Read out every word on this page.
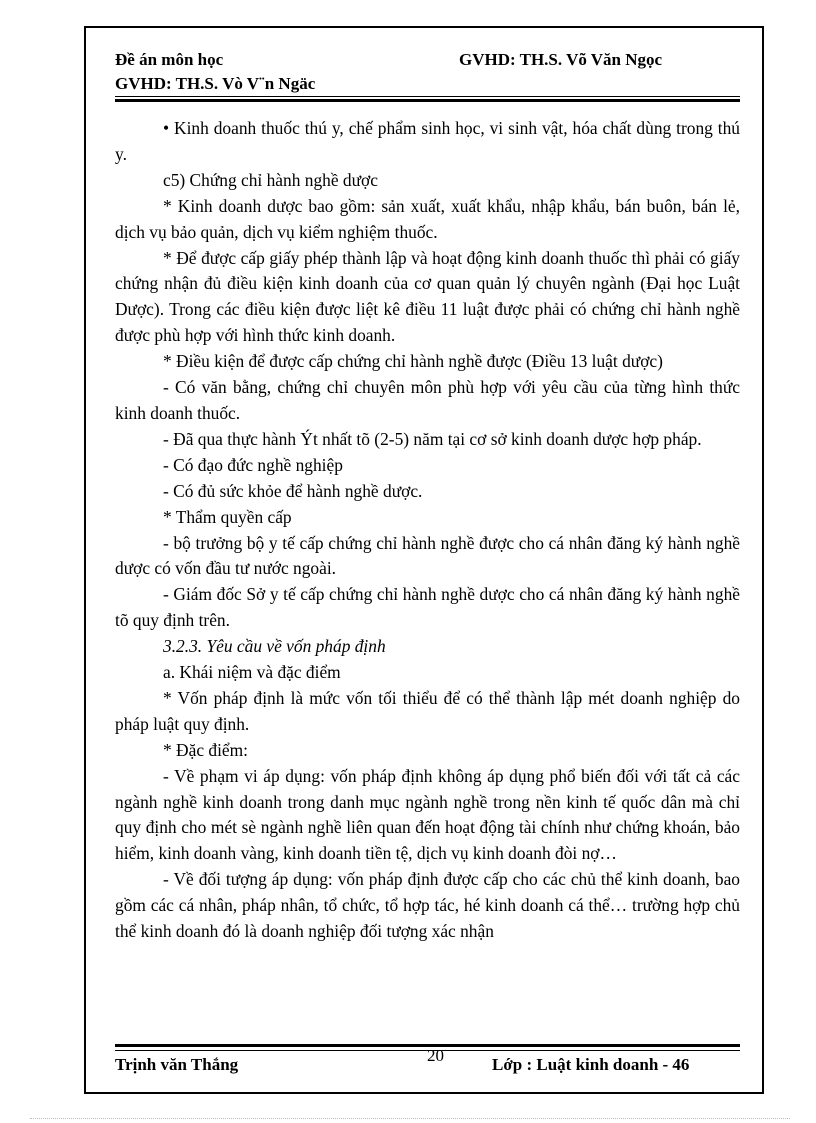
Đề án môn học	GVHD: TH.S. Võ Văn Ngọc
GVHD: TH.S. Vò V¨n Ngäc

• Kinh doanh thuốc thú y, chế phẩm sinh học, vi sinh vật, hóa chất dùng trong thú y.

c5) Chứng chỉ hành nghề dược

* Kinh doanh dược bao gồm: sản xuất, xuất khẩu, nhập khẩu, bán buôn, bán lẻ, dịch vụ bảo quản, dịch vụ kiểm nghiệm thuốc.

* Để được cấp giấy phép thành lập và hoạt động kinh doanh thuốc thì phải có giấy chứng nhận đủ điều kiện kinh doanh của cơ quan quản lý chuyên ngành (Đại học Luật Dược). Trong các điều kiện được liệt kê điều 11 luật được phải có chứng chỉ hành nghề được phù hợp với hình thức kinh doanh.

* Điều kiện để được cấp chứng chỉ hành nghề được (Điều 13 luật dược)

- Có văn bằng, chứng chỉ chuyên môn phù hợp với yêu cầu của từng hình thức kinh doanh thuốc.

- Đã qua thực hành Ýt nhất tõ (2-5) năm tại cơ sở kinh doanh dược hợp pháp.

- Có đạo đức nghề nghiệp

- Có đủ sức khỏe để hành nghề dược.

* Thẩm quyền cấp

- bộ trưởng bộ y tế cấp chứng chỉ hành nghề được cho cá nhân đăng ký hành nghề dược có vốn đầu tư nước ngoài.

- Giám đốc Sở y tế cấp chứng chỉ hành nghề dược cho cá nhân đăng ký hành nghề tõ quy định trên.

3.2.3. Yêu cầu về vốn pháp định

a. Khái niệm và đặc điểm

* Vốn pháp định là mức vốn tối thiểu để có thể thành lập mét doanh nghiệp do pháp luật quy định.

* Đặc điểm:

- Về phạm vi áp dụng: vốn pháp định không áp dụng phổ biến đối với tất cả các ngành nghề kinh doanh trong danh mục ngành nghề trong nền kinh tế quốc dân mà chỉ quy định cho mét sè ngành nghề liên quan đến hoạt động tài chính như chứng khoán, bảo hiểm, kinh doanh vàng, kinh doanh tiền tệ, dịch vụ kinh doanh đòi nợ…

- Về đối tượng áp dụng: vốn pháp định được cấp cho các chủ thể kinh doanh, bao gồm các cá nhân, pháp nhân, tổ chức, tổ hợp tác, hé kinh doanh cá thể… trường hợp chủ thể kinh doanh đó là doanh nghiệp đối tượng xác nhận

20
Trịnh văn Thắng	Lớp : Luật kinh doanh - 46
